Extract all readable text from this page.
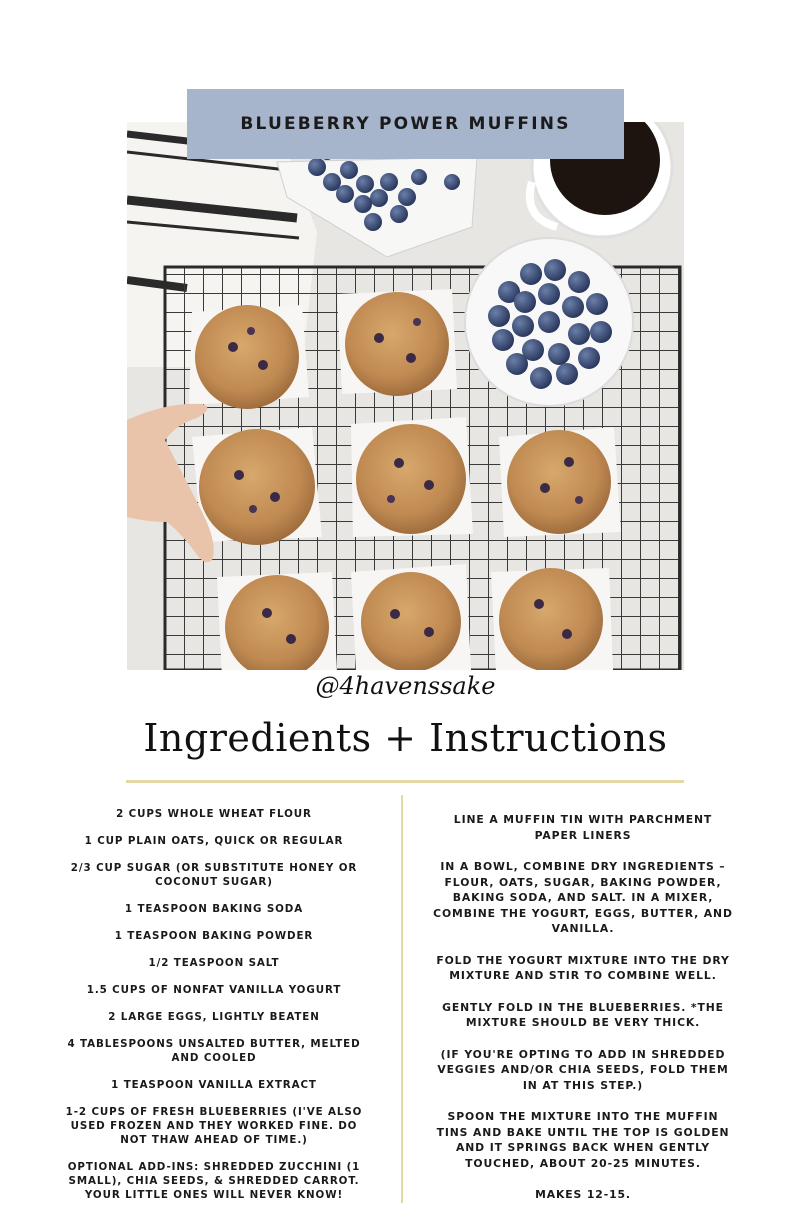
BLUEBERRY POWER MUFFINS
@4havenssake
Ingredients + Instructions
2 CUPS WHOLE WHEAT FLOUR
1 CUP PLAIN OATS, QUICK OR REGULAR
2/3 CUP SUGAR (OR SUBSTITUTE HONEY OR COCONUT SUGAR)
1 TEASPOON BAKING SODA
1 TEASPOON BAKING POWDER
1/2 TEASPOON SALT
1.5 CUPS OF NONFAT VANILLA YOGURT
2 LARGE EGGS, LIGHTLY BEATEN
4 TABLESPOONS UNSALTED BUTTER, MELTED AND COOLED
1 TEASPOON VANILLA EXTRACT
1-2 CUPS OF FRESH BLUEBERRIES (I'VE ALSO USED FROZEN AND THEY WORKED FINE. DO NOT THAW AHEAD OF TIME.)
OPTIONAL ADD-INS: SHREDDED ZUCCHINI (1 SMALL), CHIA SEEDS, & SHREDDED CARROT. YOUR LITTLE ONES WILL NEVER KNOW!
LINE A MUFFIN TIN WITH PARCHMENT PAPER LINERS
IN A BOWL, COMBINE DRY INGREDIENTS – FLOUR, OATS, SUGAR, BAKING POWDER, BAKING SODA, AND SALT. IN A MIXER, COMBINE THE YOGURT, EGGS, BUTTER, AND VANILLA.
FOLD THE YOGURT MIXTURE INTO THE DRY MIXTURE AND STIR TO COMBINE WELL.
GENTLY FOLD IN THE BLUEBERRIES. *THE MIXTURE SHOULD BE VERY THICK.
(IF YOU'RE OPTING TO ADD IN SHREDDED VEGGIES AND/OR CHIA SEEDS, FOLD THEM IN AT THIS STEP.)
SPOON THE MIXTURE INTO THE MUFFIN TINS AND BAKE UNTIL THE TOP IS GOLDEN AND IT SPRINGS BACK WHEN GENTLY TOUCHED, ABOUT 20-25 MINUTES.
MAKES 12-15.
